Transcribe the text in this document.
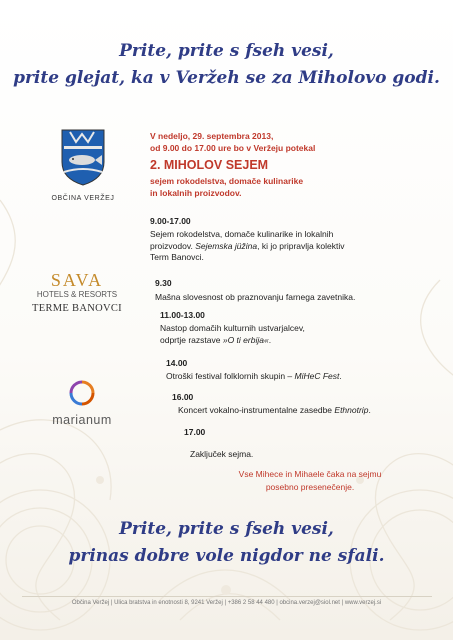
Prite, prite s fseh vesi,
prite glejat, ka v Veržeh se za Miholovo godi.
OBČINA VERŽEJ
SAVA
HOTELS & RESORTS
TERME BANOVCI
marianum
V nedeljo, 29. septembra 2013,
od 9.00 do 17.00 ure bo v Veržeju potekal
2. MIHOLOV SEJEM
sejem rokodelstva, domače kulinarike
in lokalnih proizvodov.
9.00-17.00
Sejem rokodelstva, domače kulinarike in lokalnih
proizvodov. Sejemska jüžina, ki jo pripravlja kolektiv
Term Banovci.
9.30
Mašna slovesnost ob praznovanju farnega zavetnika.
11.00-13.00
Nastop domačih kulturnih ustvarjalcev,
odprtje razstave »O ti erbija«.
14.00
Otroški festival folklornih skupin – MiHeC Fest.
16.00
Koncert vokalno-instrumentalne zasedbe Ethnotrip.
17.00
Zaključek sejma.
Vse Mihece in Mihaele čaka na sejmu
posebno presenečenje.
Prite, prite s fseh vesi,
prinas dobre vole nigdor ne sfali.
Občina Veržej | Ulica bratstva in enotnosti 8, 9241 Veržej | +386 2 58 44 480 | obcina.verzej@siol.net | www.verzej.si
